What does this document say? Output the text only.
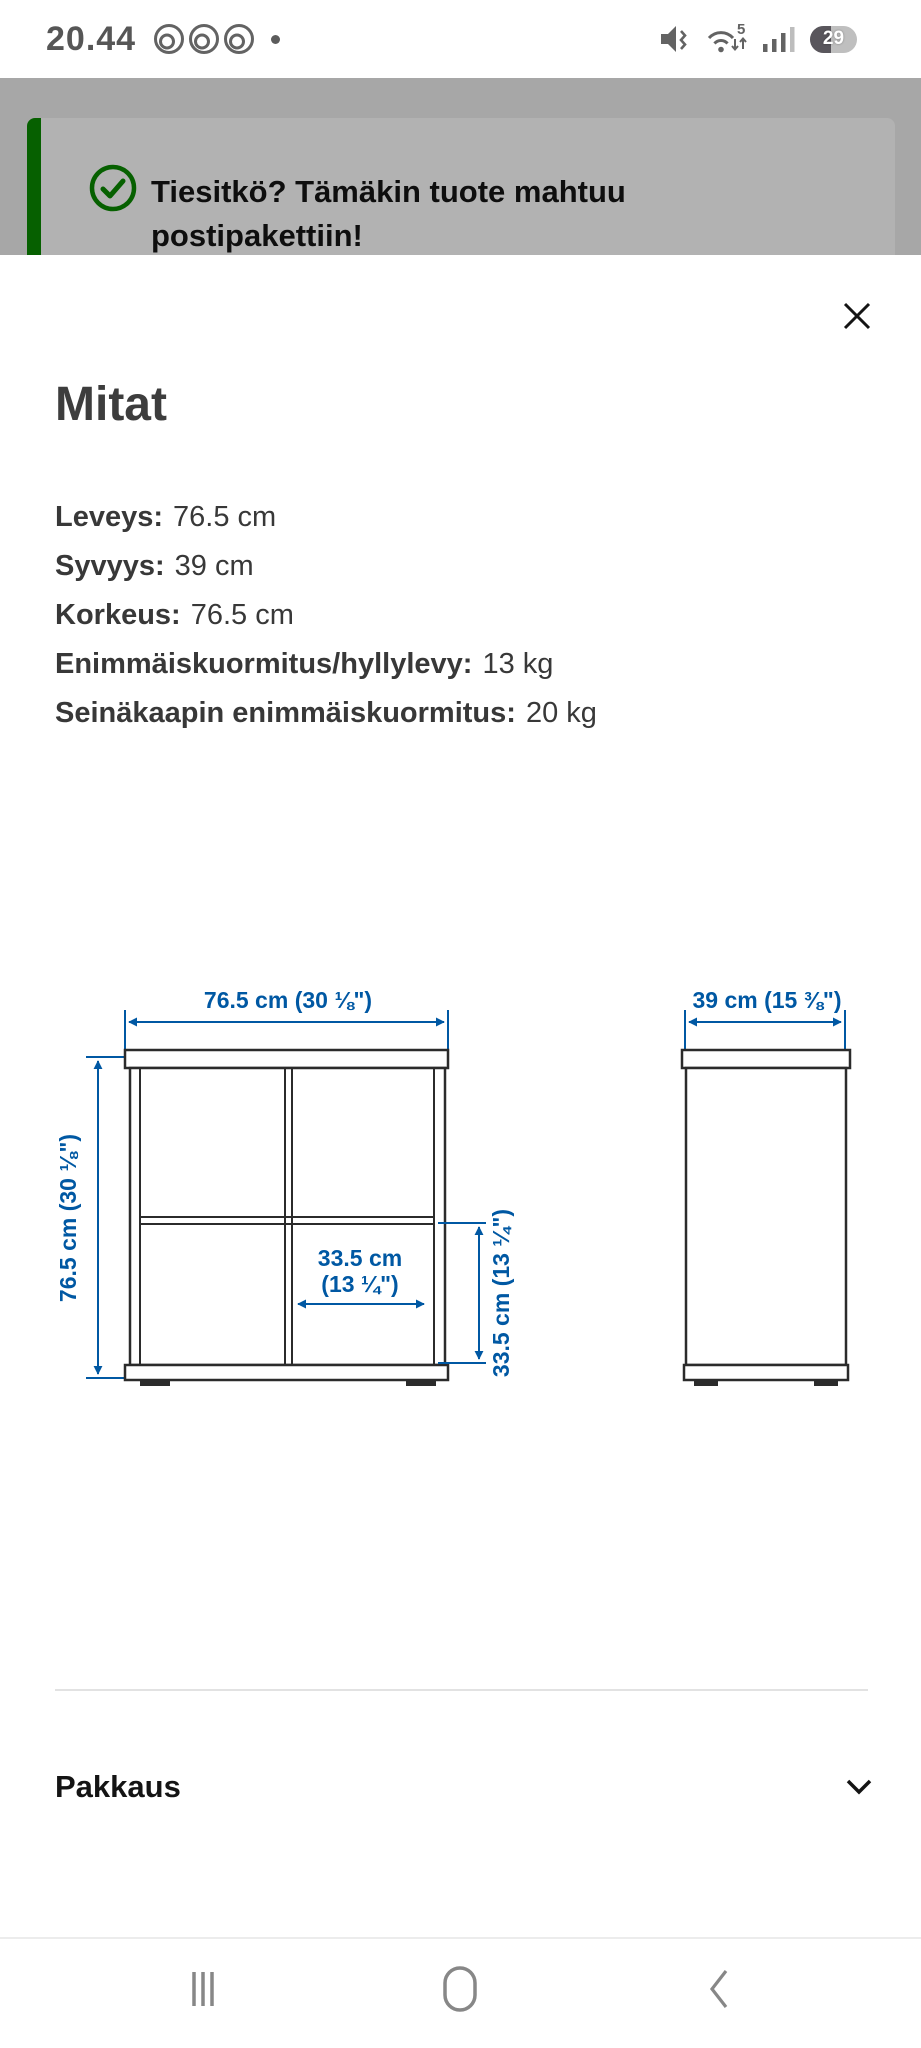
20.44	5	29

Tiesitkö? Tämäkin tuote mahtuu postipakettiin!

Mitat
Leveys: 76.5 cm
Syvyys: 39 cm
Korkeus: 76.5 cm
Enimmäiskuormitus/hyllylevy: 13 kg
Seinäkaapin enimmäiskuormitus: 20 kg
76.5 cm (30 ⅛")
76.5 cm (30 ⅛")	33.5 cm
(13 ¼")	33.5 cm (13 ¼")
39 cm (15 ⅜")
Pakkaus
